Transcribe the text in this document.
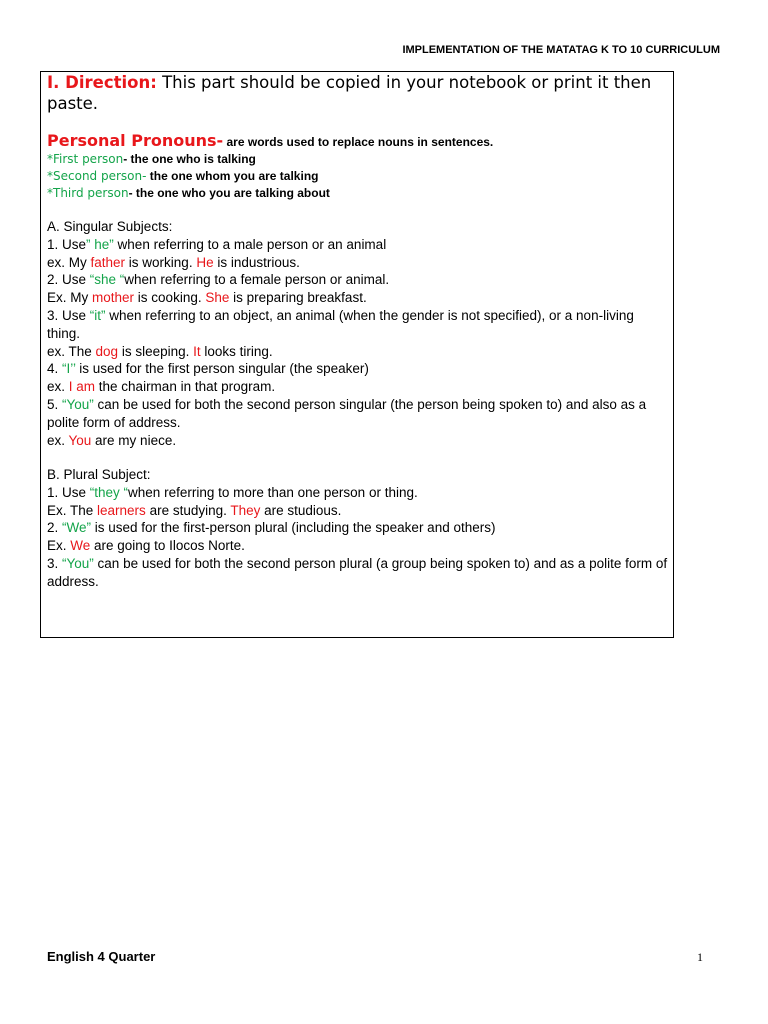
IMPLEMENTATION OF THE MATATAG K TO 10 CURRICULUM
I. Direction: This part should be copied in your notebook or print it then paste.
Personal Pronouns- are words used to replace nouns in sentences.
*First person- the one who is talking
*Second person- the one whom you are talking
*Third person- the one who you are talking about
A. Singular Subjects:
1. Use” he” when referring to a male person or an animal
ex. My father is working. He is industrious.
2. Use “she “when referring to a female person or animal.
Ex. My mother is cooking. She is preparing breakfast.
3. Use “it” when referring to an object, an animal (when the gender is not specified), or a non-living thing.
ex. The dog is sleeping. It looks tiring.
4. “I’’ is used for the first person singular (the speaker)
ex. I am the chairman in that program.
5. “You” can be used for both the second person singular (the person being spoken to) and also as a polite form of address.
ex. You are my niece.
B. Plural Subject:
1. Use “they “when referring to more than one person or thing.
Ex. The learners are studying. They are studious.
2. “We” is used for the first-person plural (including the speaker and others)
Ex. We are going to Ilocos Norte.
3. “You” can be used for both the second person plural (a group being spoken to) and as a polite form of address.
English 4 Quarter	1
